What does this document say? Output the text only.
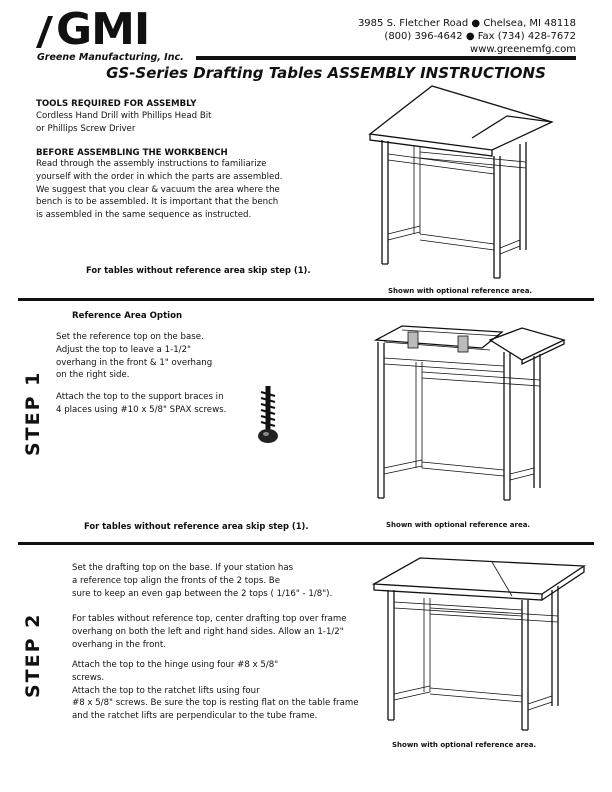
GMI
Greene Manufacturing, Inc.
3985 S. Fletcher Road ● Chelsea, MI 48118
(800) 396-4642 ● Fax (734) 428-7672
www.greenemfg.com
GS-Series Drafting Tables ASSEMBLY INSTRUCTIONS
TOOLS REQUIRED FOR ASSEMBLY
Cordless Hand Drill with Phillips Head Bit
or Phillips Screw Driver
BEFORE ASSEMBLING THE WORKBENCH
Read through the assembly instructions to familiarize
yourself with the order in which the parts are assembled.
We suggest that you clear & vacuum the area where the
bench is to be assembled. It is important that the bench
is assembled in the same sequence as instructed.
For tables without reference area skip step (1).
Shown with optional reference area.
STEP 1
Reference Area Option
Set the reference top on the base.
Adjust the top to leave a 1-1/2"
overhang in the front & 1" overhang
on the right side.
Attach the top to the support braces in
4 places using #10 x 5/8" SPAX screws.
For tables without reference area skip step (1).	Shown with optional reference area.
STEP 2
Set the drafting top on the base. If your station has
a reference top align the fronts of the 2 tops. Be
sure to keep an even gap between the 2 tops ( 1/16" - 1/8").
For tables without reference top, center drafting top over frame
overhang on both the left and right hand sides. Allow an 1-1/2"
overhang in the front.
Attach the top to the hinge using four #8 x 5/8"
screws.
Attach the top to the ratchet lifts using four
#8 x 5/8" screws. Be sure the top is resting flat on the table frame
and the ratchet lifts are perpendicular to the tube frame.
Shown with optional reference area.
